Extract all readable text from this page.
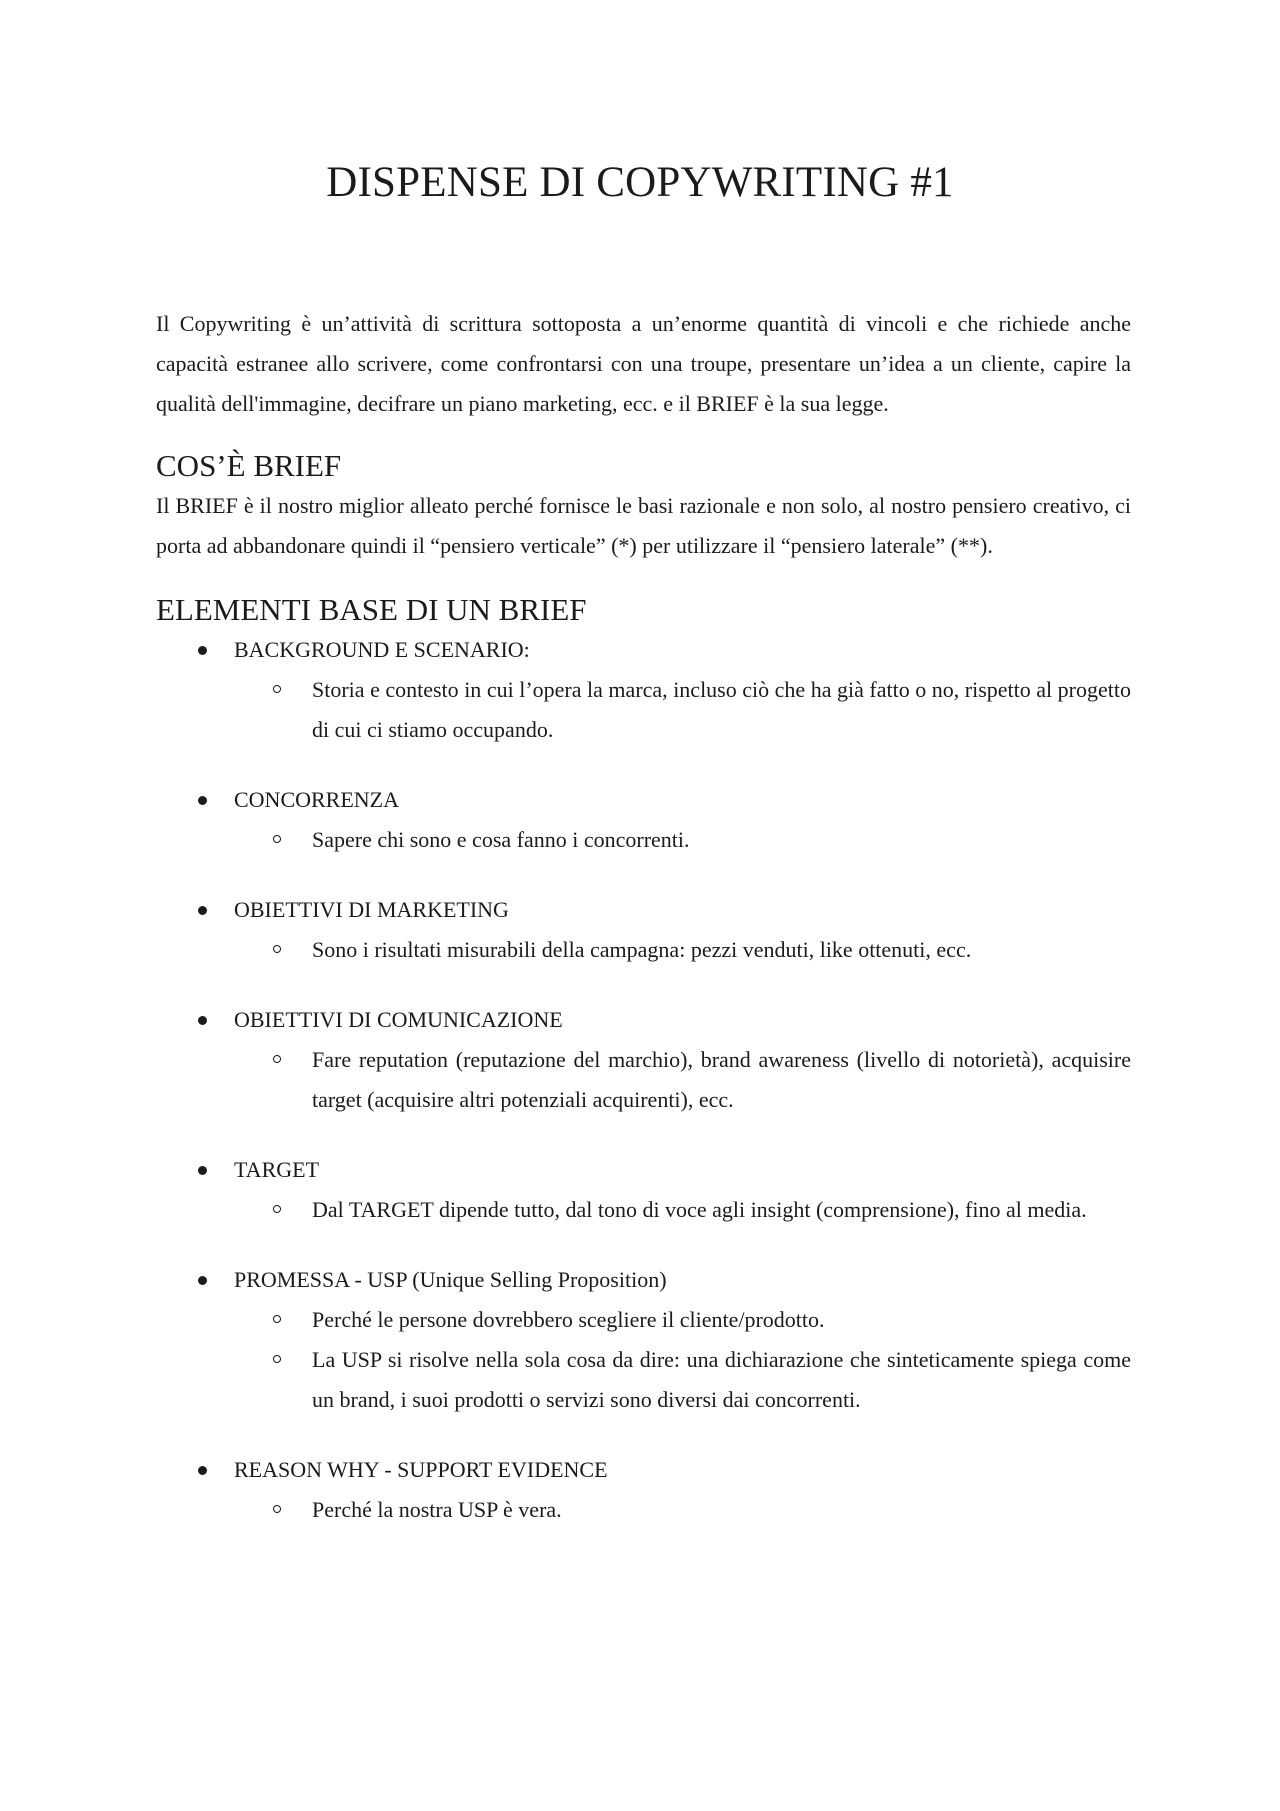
DISPENSE DI COPYWRITING #1

Il Copywriting è un’attività di scrittura sottoposta a un’enorme quantità di vincoli e che richiede anche capacità estranee allo scrivere, come confrontarsi con una troupe, presentare un’idea a un cliente, capire la qualità dell'immagine, decifrare un piano marketing, ecc. e il BRIEF è la sua legge.

COS’È BRIEF

Il BRIEF è il nostro miglior alleato perché fornisce le basi razionale e non solo, al nostro pensiero creativo, ci porta ad abbandonare quindi il “pensiero verticale” (*) per utilizzare il “pensiero laterale” (**).

ELEMENTI BASE DI UN BRIEF
BACKGROUND E SCENARIO:
Storia e contesto in cui l’opera la marca, incluso ciò che ha già fatto o no, rispetto al progetto di cui ci stiamo occupando.
CONCORRENZA
Sapere chi sono e cosa fanno i concorrenti.
OBIETTIVI DI MARKETING
Sono i risultati misurabili della campagna: pezzi venduti, like ottenuti, ecc.
OBIETTIVI DI COMUNICAZIONE
Fare reputation (reputazione del marchio), brand awareness (livello di notorietà), acquisire target (acquisire altri potenziali acquirenti), ecc.
TARGET
Dal TARGET dipende tutto, dal tono di voce agli insight (comprensione), fino al media.
PROMESSA - USP (Unique Selling Proposition)
Perché le persone dovrebbero scegliere il cliente/prodotto.
La USP si risolve nella sola cosa da dire: una dichiarazione che sinteticamente spiega come un brand, i suoi prodotti o servizi sono diversi dai concorrenti.
REASON WHY - SUPPORT EVIDENCE
Perché la nostra USP è vera.
